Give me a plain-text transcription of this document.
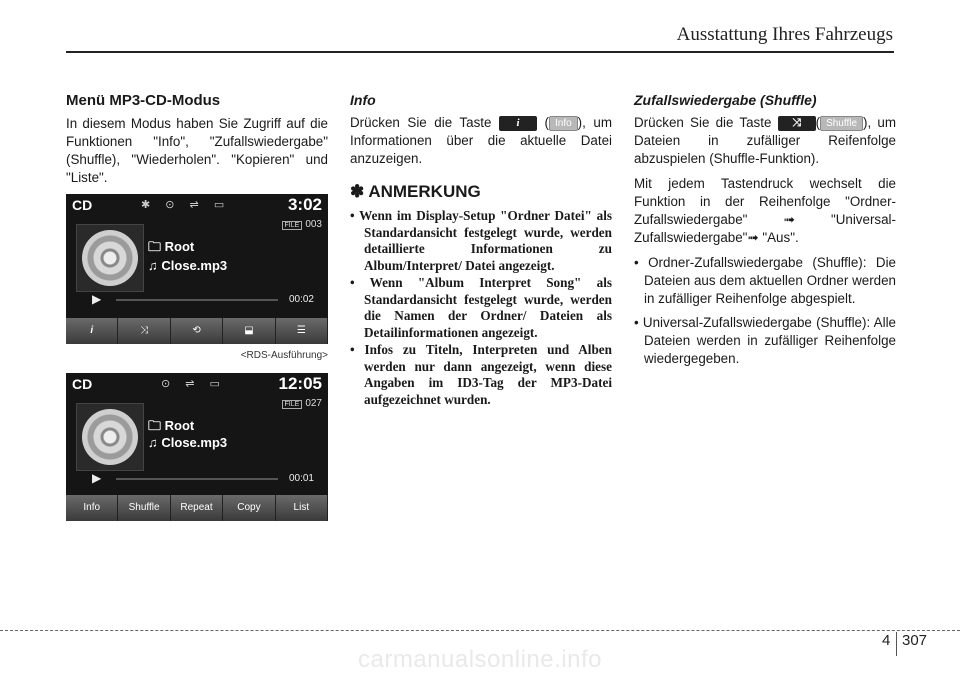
Ausstattung Ihres Fahrzeugs
Menü MP3-CD-Modus

In diesem Modus haben Sie Zugriff auf die Funktionen "Info", "Zufallswiedergabe" (Shuffle), "Wiederholen". "Kopieren" und "Liste".

CD	✱ ⊙ ⇌ ▭	3:02
FILE 003
🗀 Root
♫ Close.mp3
▶	00:02
i	⤨	⟲	⬓	☰
<RDS-Ausführung>
CD	⊙ ⇌ ▭	12:05
FILE 027
🗀 Root
♫ Close.mp3
▶	00:01
Info	Shuffle	Repeat	Copy	List
Info

Drücken Sie die Taste i ( Info ), um Informationen über die aktuelle Datei anzuzeigen.

✽ ANMERKUNG
• Wenn im Display-Setup "Ordner Datei" als Standardansicht festgelegt wurde, werden detaillierte Informationen zu Album/Interpret/ Datei angezeigt.
• Wenn "Album Interpret Song" als Standardansicht festgelegt wurde, werden die Namen der Ordner/ Dateien als Detailinformationen angezeigt.
• Infos zu Titeln, Interpreten und Alben werden nur dann angezeigt, wenn diese Angaben im ID3-Tag der MP3-Datei aufgezeichnet wurden.
Zufallswiedergabe (Shuffle)

Drücken Sie die Taste ⤨ ( Shuffle ), um Dateien in zufälliger Reifenfolge abzuspielen (Shuffle-Funktion).

Mit jedem Tastendruck wechselt die Funktion in der Reihenfolge "Ordner-Zufallswiedergabe" ➟ "Universal-Zufallswiedergabe"➟ "Aus".

• Ordner-Zufallswiedergabe (Shuffle): Die Dateien aus dem aktuellen Ordner werden in zufälliger Reihenfolge abgespielt.
• Universal-Zufallswiedergabe (Shuffle): Alle Dateien werden in zufälliger Reihenfolge wiedergegeben.
4 307
carmanualsonline.info
